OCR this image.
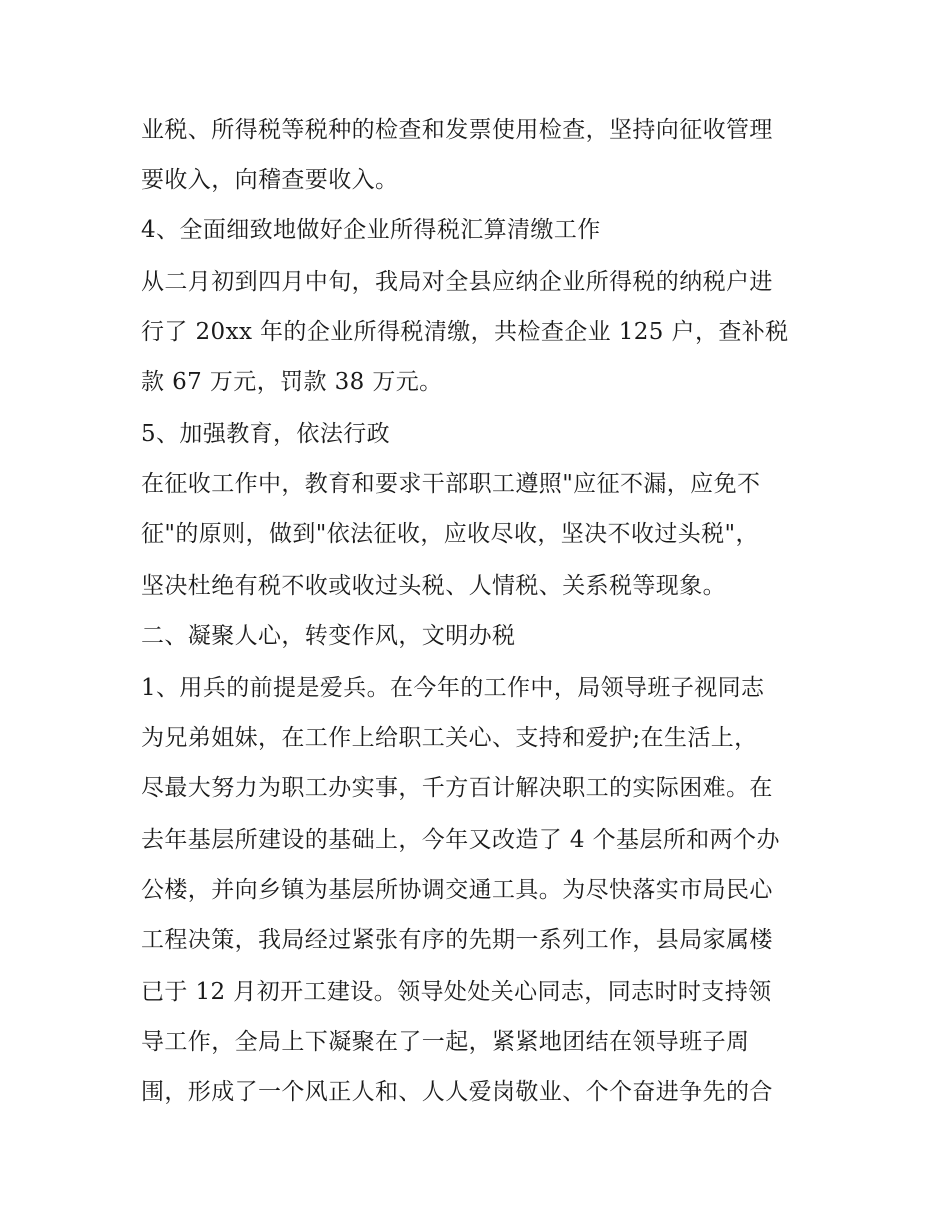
业税、所得税等税种的检查和发票使用检查，坚持向征收管理
要收入，向稽查要收入。
4、全面细致地做好企业所得税汇算清缴工作
从二月初到四月中旬，我局对全县应纳企业所得税的纳税户进
行了 20xx 年的企业所得税清缴，共检查企业 125 户，查补税
款 67 万元，罚款 38 万元。
5、加强教育，依法行政
在征收工作中，教育和要求干部职工遵照"应征不漏，应免不
征"的原则，做到"依法征收，应收尽收，坚决不收过头税"，
坚决杜绝有税不收或收过头税、人情税、关系税等现象。
二、凝聚人心，转变作风，文明办税
1、用兵的前提是爱兵。在今年的工作中，局领导班子视同志
为兄弟姐妹，在工作上给职工关心、支持和爱护;在生活上，
尽最大努力为职工办实事，千方百计解决职工的实际困难。在
去年基层所建设的基础上，今年又改造了 4 个基层所和两个办
公楼，并向乡镇为基层所协调交通工具。为尽快落实市局民心
工程决策，我局经过紧张有序的先期一系列工作，县局家属楼
已于 12 月初开工建设。领导处处关心同志，同志时时支持领
导工作，全局上下凝聚在了一起，紧紧地团结在领导班子周
围，形成了一个风正人和、人人爱岗敬业、个个奋进争先的合
